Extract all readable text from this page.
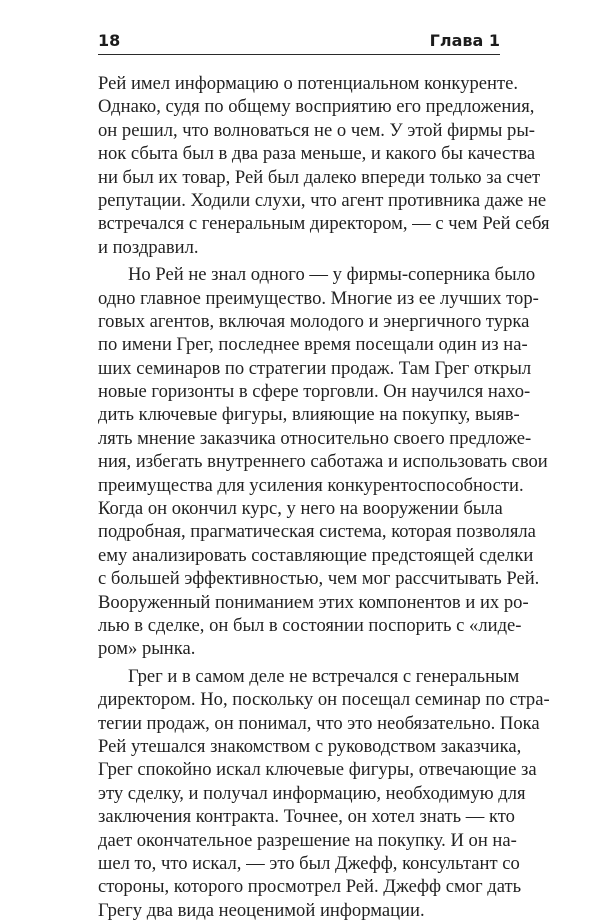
18	Глава 1
Рей имел информацию о потенциальном конкуренте.
Однако, судя по общему восприятию его предложения,
он решил, что волноваться не о чем. У этой фирмы ры-
нок сбыта был в два раза меньше, и какого бы качества
ни был их товар, Рей был далеко впереди только за счет
репутации. Ходили слухи, что агент противника даже не
встречался с генеральным директором, — с чем Рей себя
и поздравил.
Но Рей не знал одного — у фирмы-соперника было
одно главное преимущество. Многие из ее лучших тор-
говых агентов, включая молодого и энергичного турка
по имени Грег, последнее время посещали один из на-
ших семинаров по стратегии продаж. Там Грег открыл
новые горизонты в сфере торговли. Он научился нахо-
дить ключевые фигуры, влияющие на покупку, выяв-
лять мнение заказчика относительно своего предложе-
ния, избегать внутреннего саботажа и использовать свои
преимущества для усиления конкурентоспособности.
Когда он окончил курс, у него на вооружении была
подробная, прагматическая система, которая позволяла
ему анализировать составляющие предстоящей сделки
с большей эффективностью, чем мог рассчитывать Рей.
Вооруженный пониманием этих компонентов и их ро-
лью в сделке, он был в состоянии поспорить с «лиде-
ром» рынка.
Грег и в самом деле не встречался с генеральным
директором. Но, поскольку он посещал семинар по стра-
тегии продаж, он понимал, что это необязательно. Пока
Рей утешался знакомством с руководством заказчика,
Грег спокойно искал ключевые фигуры, отвечающие за
эту сделку, и получал информацию, необходимую для
заключения контракта. Точнее, он хотел знать — кто
дает окончательное разрешение на покупку. И он на-
шел то, что искал, — это был Джефф, консультант со
стороны, которого просмотрел Рей. Джефф смог дать
Грегу два вида неоценимой информации.
